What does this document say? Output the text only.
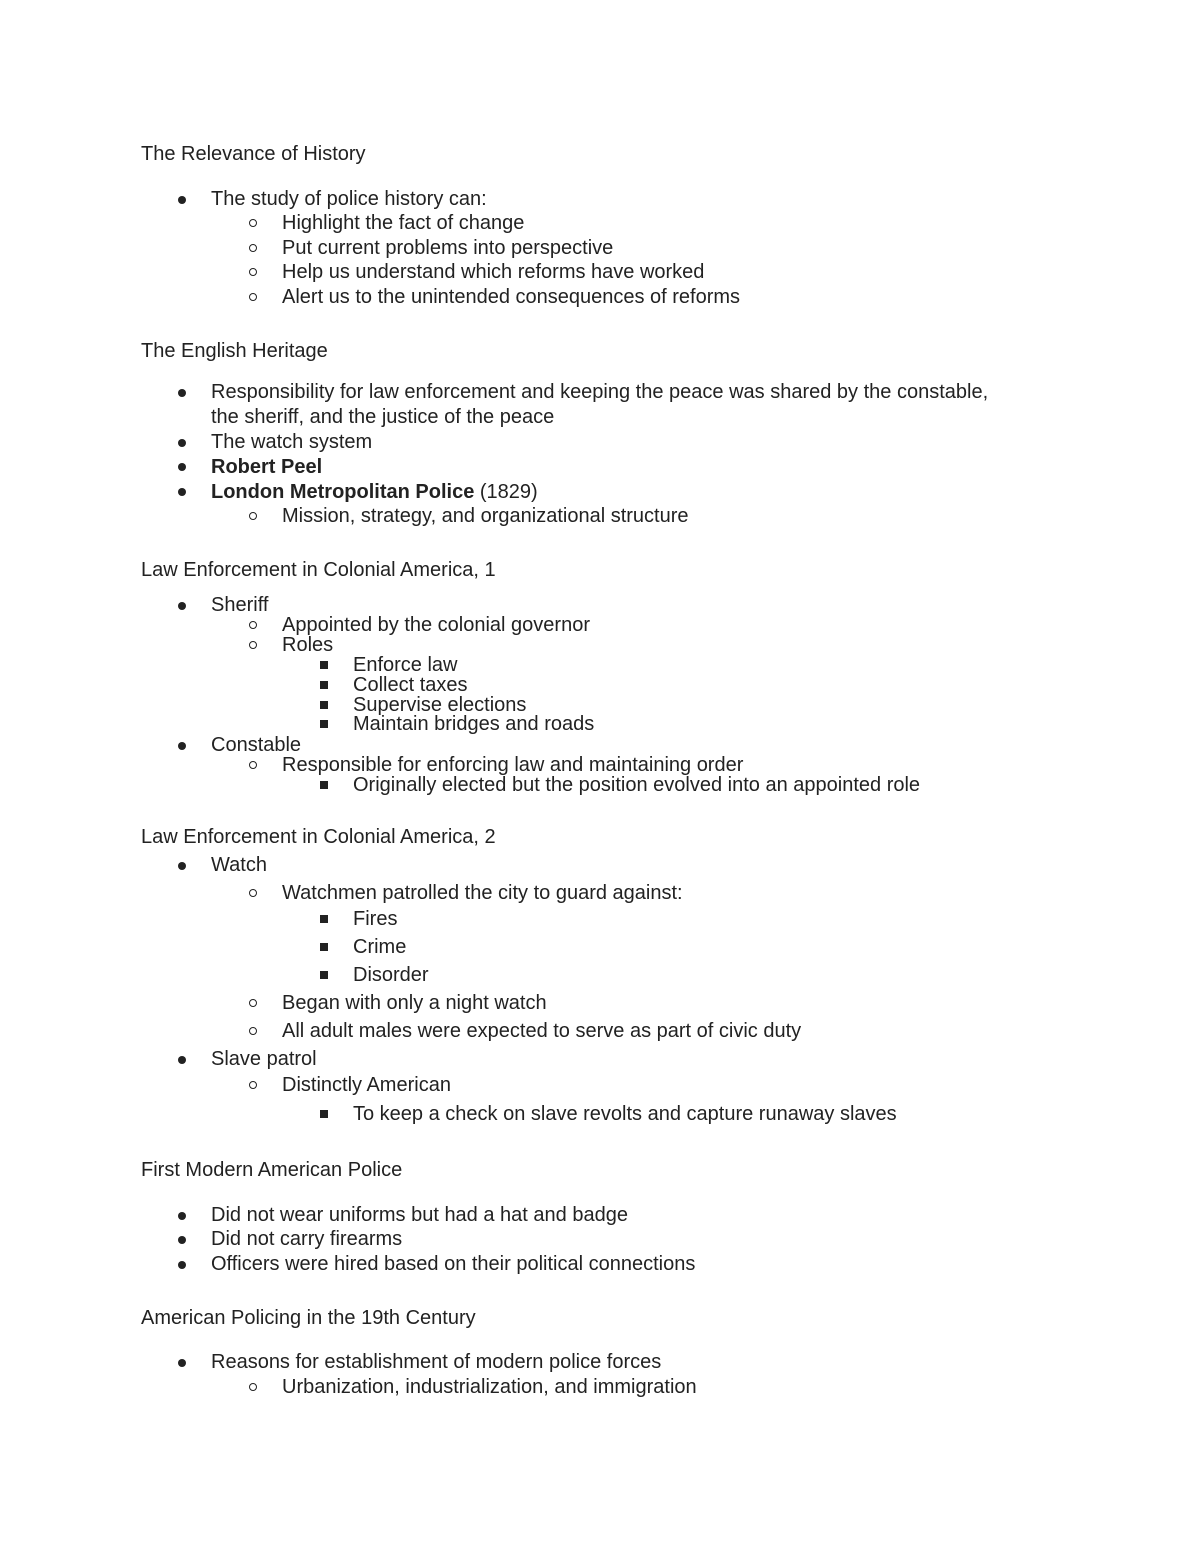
The Relevance of History
The study of police history can:
Highlight the fact of change
Put current problems into perspective
Help us understand which reforms have worked
Alert us to the unintended consequences of reforms
The English Heritage
Responsibility for law enforcement and keeping the peace was shared by the constable,
the sheriff, and the justice of the peace
The watch system
Robert Peel
London Metropolitan Police (1829)
Mission, strategy, and organizational structure
Law Enforcement in Colonial America, 1
Sheriff
Appointed by the colonial governor
Roles
Enforce law
Collect taxes
Supervise elections
Maintain bridges and roads
Constable
Responsible for enforcing law and maintaining order
Originally elected but the position evolved into an appointed role
Law Enforcement in Colonial America, 2
Watch
Watchmen patrolled the city to guard against:
Fires
Crime
Disorder
Began with only a night watch
All adult males were expected to serve as part of civic duty
Slave patrol
Distinctly American
To keep a check on slave revolts and capture runaway slaves
First Modern American Police
Did not wear uniforms but had a hat and badge
Did not carry firearms
Officers were hired based on their political connections
American Policing in the 19th Century
Reasons for establishment of modern police forces
Urbanization, industrialization, and immigration
